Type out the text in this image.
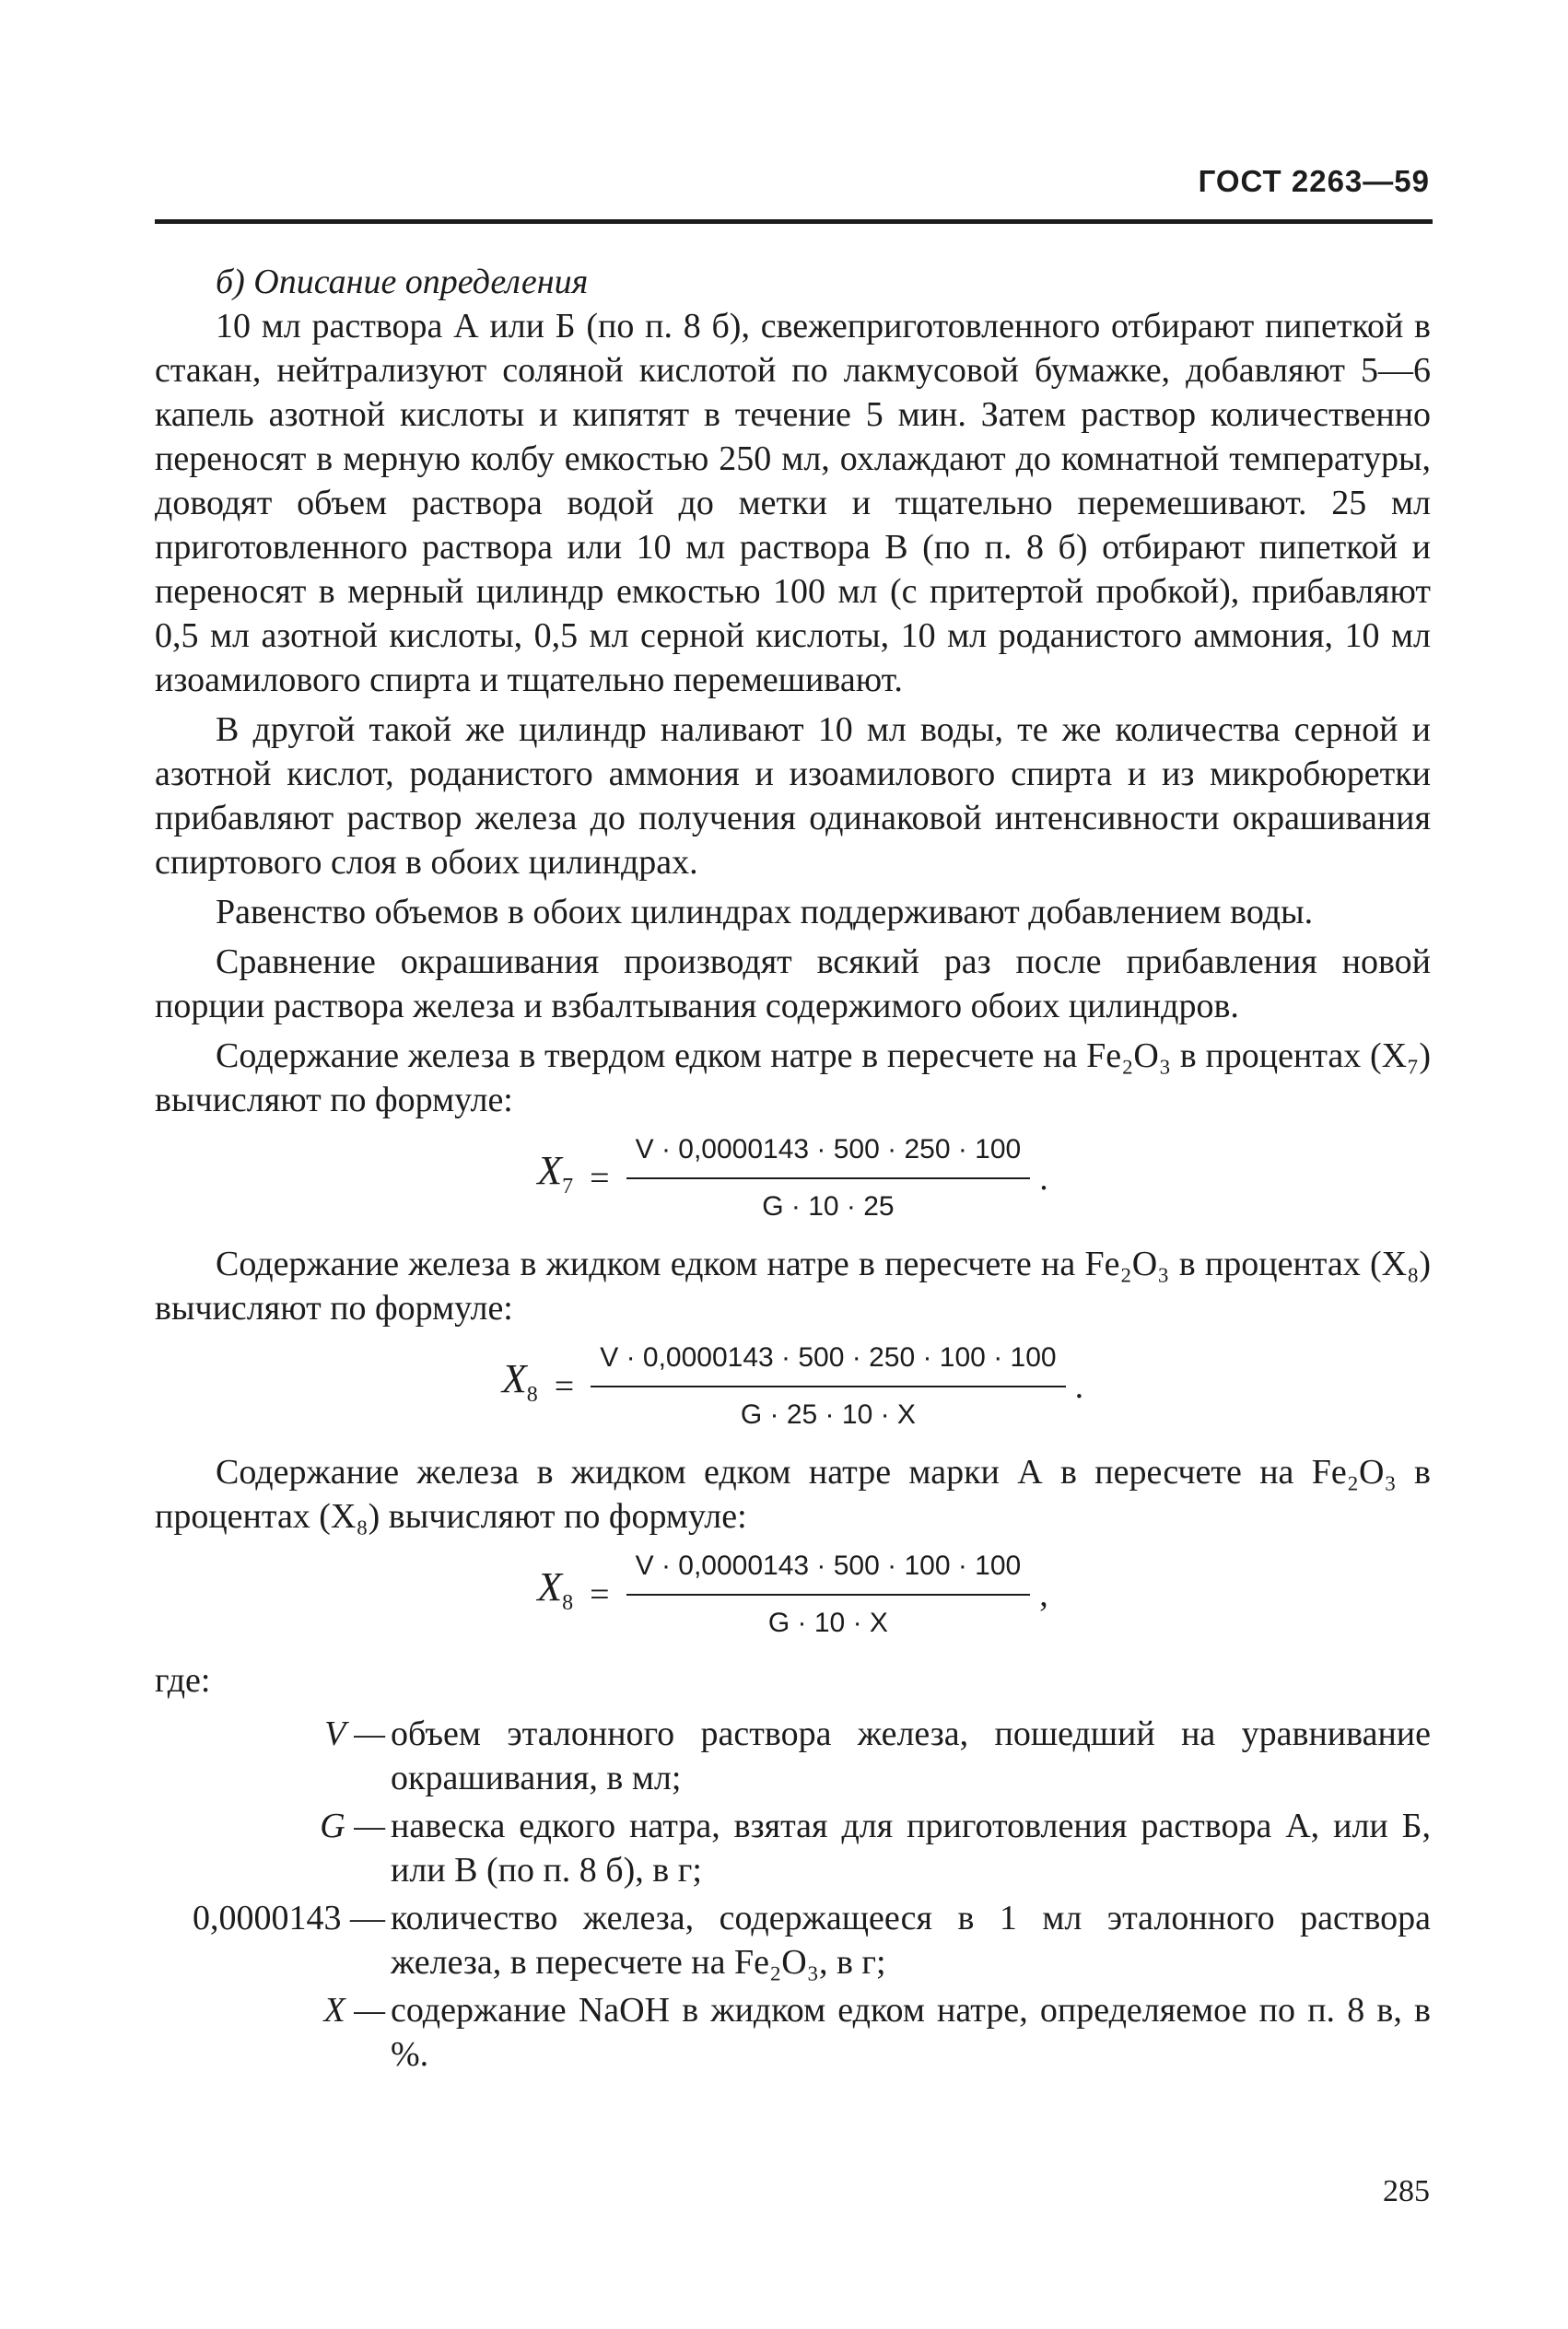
ГОСТ 2263—59

б) Описание определения

10 мл раствора А или Б (по п. 8 б), свежеприготовленного отбирают пипеткой в стакан, нейтрализуют соляной кислотой по лакмусовой бумажке, добавляют 5—6 капель азотной кислоты и кипятят в течение 5 мин. Затем раствор количественно переносят в мерную колбу емкостью 250 мл, охлаждают до комнатной температуры, доводят объем раствора водой до метки и тщательно перемешивают. 25 мл приготовленного раствора или 10 мл раствора В (по п. 8 б) отбирают пипеткой и переносят в мерный цилиндр емкостью 100 мл (с притертой пробкой), прибавляют 0,5 мл азотной кислоты, 0,5 мл серной кислоты, 10 мл роданистого аммония, 10 мл изоамилового спирта и тщательно перемешивают.

В другой такой же цилиндр наливают 10 мл воды, те же количества серной и азотной кислот, роданистого аммония и изоамилового спирта и из микробюретки прибавляют раствор железа до получения одинаковой интенсивности окрашивания спиртового слоя в обоих цилиндрах.

Равенство объемов в обоих цилиндрах поддерживают добавлением воды.

Сравнение окрашивания производят всякий раз после прибавления новой порции раствора железа и взбалтывания содержимого обоих цилиндров.

Содержание железа в твердом едком натре в пересчете на Fe₂O₃ в процентах (X₇) вычисляют по формуле:

$X_7 = \frac{V \cdot 0,0000143 \cdot 500 \cdot 250 \cdot 100}{G \cdot 10 \cdot 25}$ .

Содержание железа в жидком едком натре в пересчете на Fe₂O₃ в процентах (X₈) вычисляют по формуле:

$X_8 = \frac{V \cdot 0,0000143 \cdot 500 \cdot 250 \cdot 100 \cdot 100}{G \cdot 25 \cdot 10 \cdot X}$ .

Содержание железа в жидком едком натре марки А в пересчете на Fe₂O₃ в процентах (X₈) вычисляют по формуле:

$X_8 = \frac{V \cdot 0,0000143 \cdot 500 \cdot 100 \cdot 100}{G \cdot 10 \cdot X}$ ,
где:
V — объем эталонного раствора железа, пошедший на уравнивание окрашивания, в мл;
G — навеска едкого натра, взятая для приготовления раствора А, или Б, или В (по п. 8 б), в г;
0,0000143 — количество железа, содержащееся в 1 мл эталонного раствора железа, в пересчете на Fe₂O₃, в г;
X — содержание NaOH в жидком едком натре, определяемое по п. 8 в, в %.
285
